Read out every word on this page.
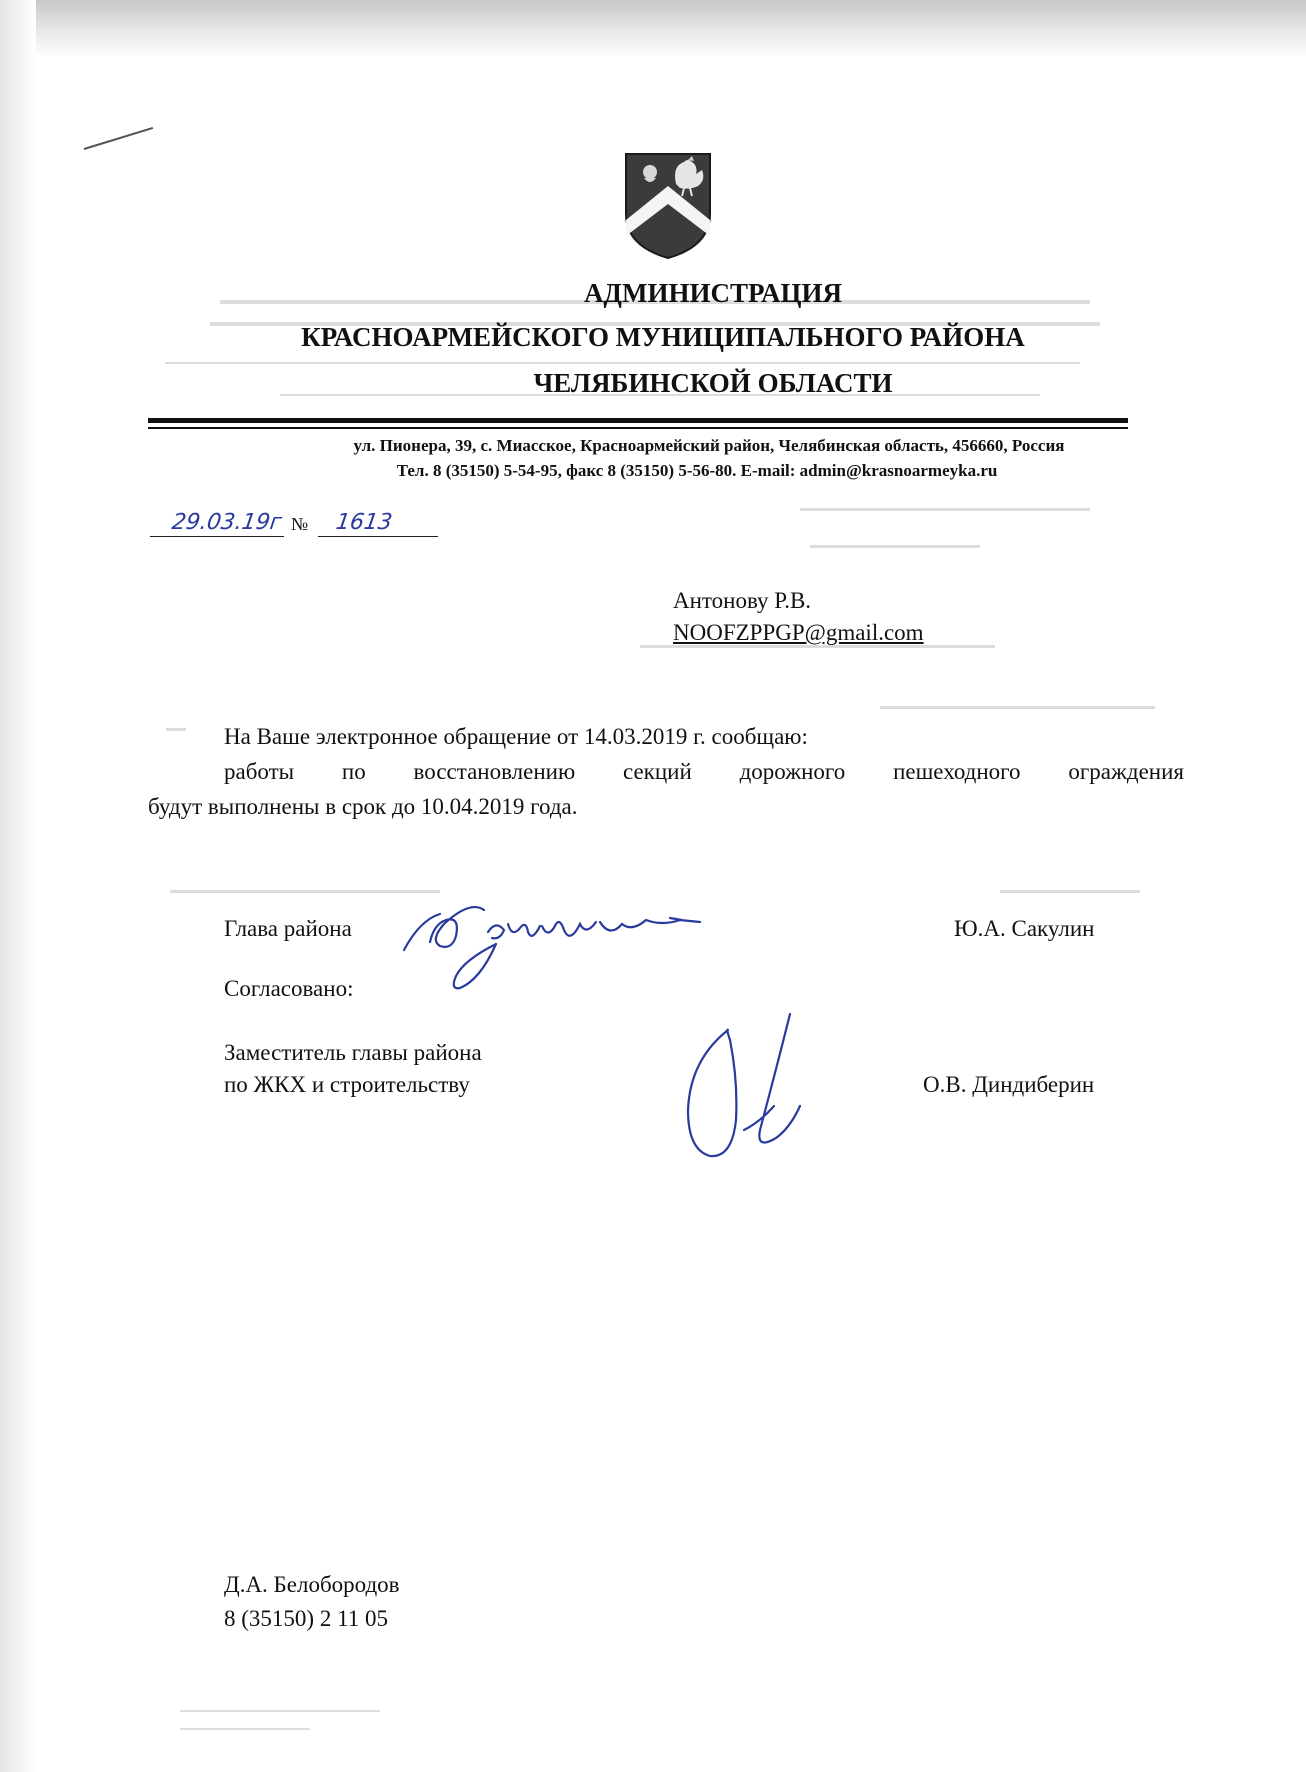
АДМИНИСТРАЦИЯ
КРАСНОАРМЕЙСКОГО МУНИЦИПАЛЬНОГО РАЙОНА
ЧЕЛЯБИНСКОЙ ОБЛАСТИ
ул. Пионера, 39, с. Миасское, Красноармейский район, Челябинская область, 456660, Россия
Тел. 8 (35150) 5-54-95, факс 8 (35150) 5-56-80. E-mail: admin@krasnoarmeyka.ru
29.03.19г № 1613
Антонову Р.В.
NOOFZPPGP@gmail.com
На Ваше электронное обращение от 14.03.2019 г. сообщаю:
работы по восстановлению секций дорожного пешеходного ограждения
будут выполнены в срок до 10.04.2019 года.
Глава района	Ю.А. Сакулин
Согласовано:
Заместитель главы района
по ЖКХ и строительству	О.В. Диндиберин
Д.А. Белобородов
8 (35150) 2 11 05
